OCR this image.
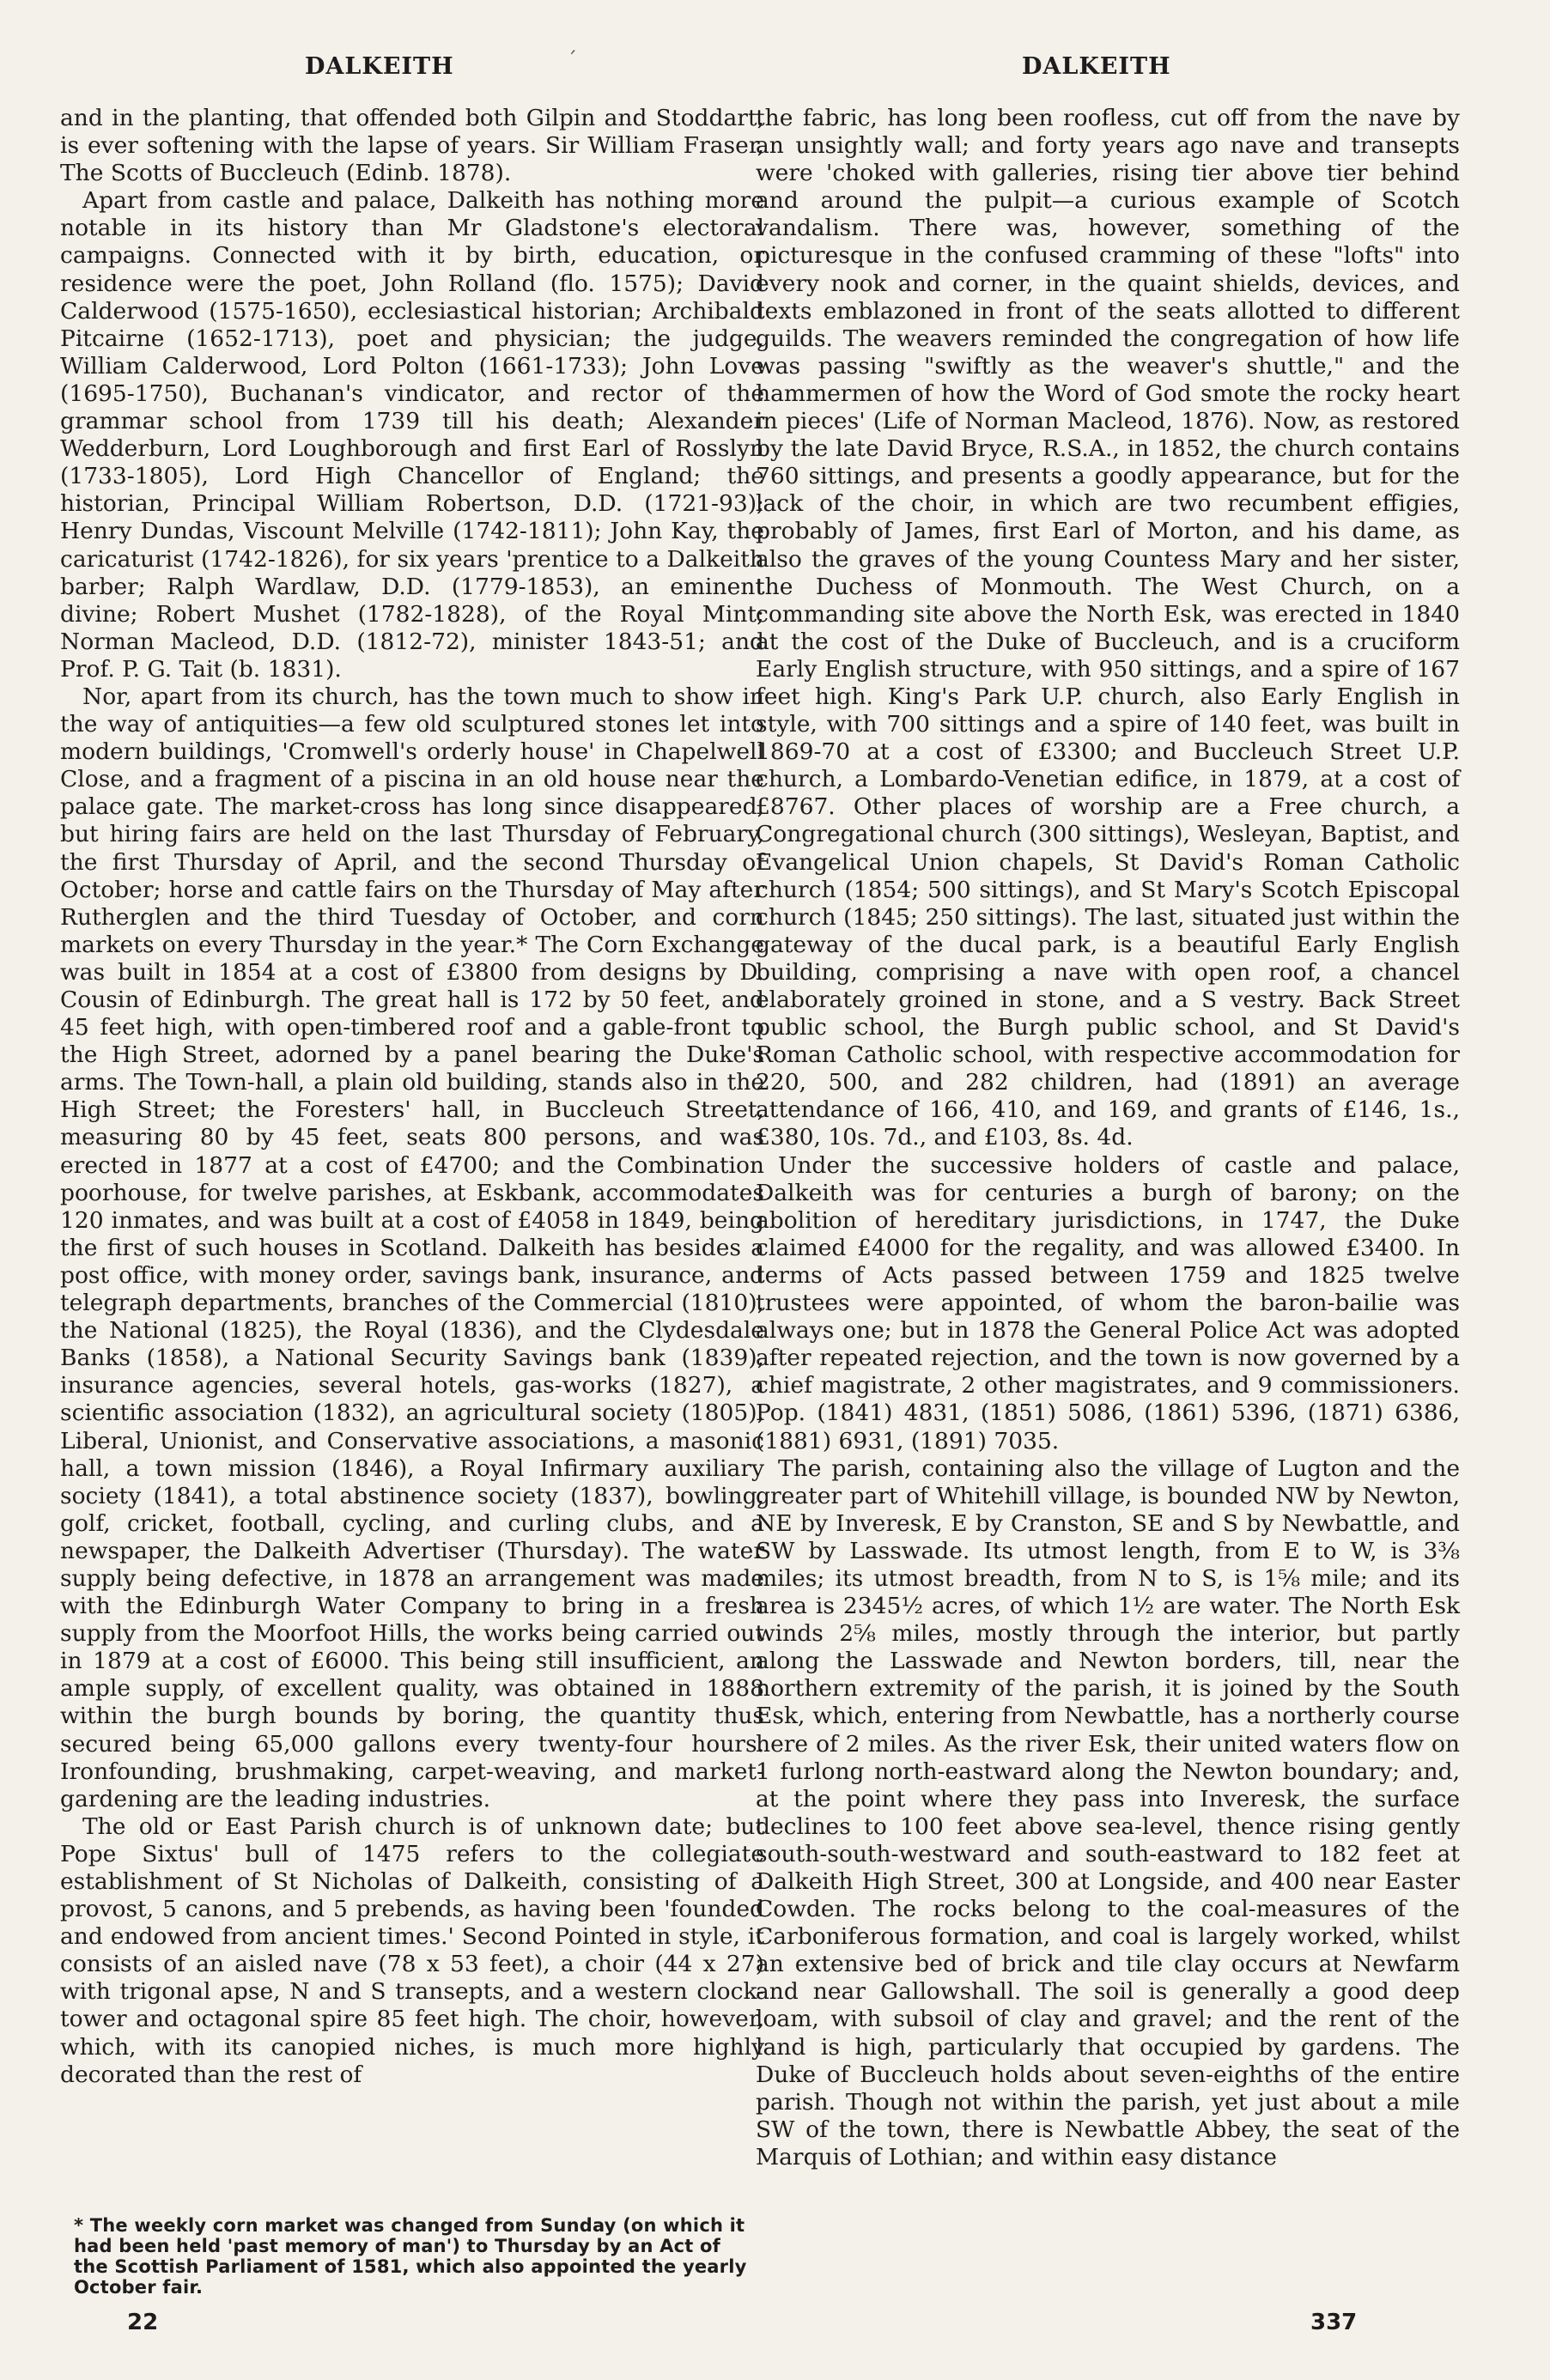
DALKEITH	DALKEITH

and in the planting, that offended both Gilpin and Stoddart, is ever softening with the lapse of years. Sir William Fraser, The Scotts of Buccleuch (Edinb. 1878).

Apart from castle and palace, Dalkeith has nothing more notable in its history than Mr Gladstone's electoral campaigns. Connected with it by birth, education, or residence were the poet, John Rolland (flo. 1575); David Calderwood (1575-1650), ecclesiastical historian; Archibald Pitcairne (1652-1713), poet and physician; the judge, William Calderwood, Lord Polton (1661-1733); John Love (1695-1750), Buchanan's vindicator, and rector of the grammar school from 1739 till his death; Alexander Wedderburn, Lord Loughborough and first Earl of Rosslyn (1733-1805), Lord High Chancellor of England; the historian, Principal William Robertson, D.D. (1721-93); Henry Dundas, Viscount Melville (1742-1811); John Kay, the caricaturist (1742-1826), for six years 'prentice to a Dalkeith barber; Ralph Wardlaw, D.D. (1779-1853), an eminent divine; Robert Mushet (1782-1828), of the Royal Mint; Norman Macleod, D.D. (1812-72), minister 1843-51; and Prof. P. G. Tait (b. 1831).

Nor, apart from its church, has the town much to show in the way of antiquities—a few old sculptured stones let into modern buildings, 'Cromwell's orderly house' in Chapelwell Close, and a fragment of a piscina in an old house near the palace gate. The market-cross has long since disappeared, but hiring fairs are held on the last Thursday of February, the first Thursday of April, and the second Thursday of October; horse and cattle fairs on the Thursday of May after Rutherglen and the third Tuesday of October, and corn markets on every Thursday in the year.* The Corn Exchange was built in 1854 at a cost of £3800 from designs by D. Cousin of Edinburgh. The great hall is 172 by 50 feet, and 45 feet high, with open-timbered roof and a gable-front to the High Street, adorned by a panel bearing the Duke's arms. The Town-hall, a plain old building, stands also in the High Street; the Foresters' hall, in Buccleuch Street, measuring 80 by 45 feet, seats 800 persons, and was erected in 1877 at a cost of £4700; and the Combination poorhouse, for twelve parishes, at Eskbank, accommodates 120 inmates, and was built at a cost of £4058 in 1849, being the first of such houses in Scotland. Dalkeith has besides a post office, with money order, savings bank, insurance, and telegraph departments, branches of the Commercial (1810), the National (1825), the Royal (1836), and the Clydesdale Banks (1858), a National Security Savings bank (1839), insurance agencies, several hotels, gas-works (1827), a scientific association (1832), an agricultural society (1805), Liberal, Unionist, and Conservative associations, a masonic hall, a town mission (1846), a Royal Infirmary auxiliary society (1841), a total abstinence society (1837), bowling, golf, cricket, football, cycling, and curling clubs, and a newspaper, the Dalkeith Advertiser (Thursday). The water supply being defective, in 1878 an arrangement was made with the Edinburgh Water Company to bring in a fresh supply from the Moorfoot Hills, the works being carried out in 1879 at a cost of £6000. This being still insufficient, an ample supply, of excellent quality, was obtained in 1888 within the burgh bounds by boring, the quantity thus secured being 65,000 gallons every twenty-four hours. Ironfounding, brushmaking, carpet-weaving, and market-gardening are the leading industries.

The old or East Parish church is of unknown date; but Pope Sixtus' bull of 1475 refers to the collegiate establishment of St Nicholas of Dalkeith, consisting of a provost, 5 canons, and 5 prebends, as having been 'founded and endowed from ancient times.' Second Pointed in style, it consists of an aisled nave (78 x 53 feet), a choir (44 x 27) with trigonal apse, N and S transepts, and a western clock-tower and octagonal spire 85 feet high. The choir, however, which, with its canopied niches, is much more highly decorated than the rest of

the fabric, has long been roofless, cut off from the nave by an unsightly wall; and forty years ago nave and transepts were 'choked with galleries, rising tier above tier behind and around the pulpit—a curious example of Scotch vandalism. There was, however, something of the picturesque in the confused cramming of these "lofts" into every nook and corner, in the quaint shields, devices, and texts emblazoned in front of the seats allotted to different guilds. The weavers reminded the congregation of how life was passing "swiftly as the weaver's shuttle," and the hammermen of how the Word of God smote the rocky heart in pieces' (Life of Norman Macleod, 1876). Now, as restored by the late David Bryce, R.S.A., in 1852, the church contains 760 sittings, and presents a goodly appearance, but for the lack of the choir, in which are two recumbent effigies, probably of James, first Earl of Morton, and his dame, as also the graves of the young Countess Mary and her sister, the Duchess of Monmouth. The West Church, on a commanding site above the North Esk, was erected in 1840 at the cost of the Duke of Buccleuch, and is a cruciform Early English structure, with 950 sittings, and a spire of 167 feet high. King's Park U.P. church, also Early English in style, with 700 sittings and a spire of 140 feet, was built in 1869-70 at a cost of £3300; and Buccleuch Street U.P. church, a Lombardo-Venetian edifice, in 1879, at a cost of £8767. Other places of worship are a Free church, a Congregational church (300 sittings), Wesleyan, Baptist, and Evangelical Union chapels, St David's Roman Catholic church (1854; 500 sittings), and St Mary's Scotch Episcopal church (1845; 250 sittings). The last, situated just within the gateway of the ducal park, is a beautiful Early English building, comprising a nave with open roof, a chancel elaborately groined in stone, and a S vestry. Back Street public school, the Burgh public school, and St David's Roman Catholic school, with respective accommodation for 220, 500, and 282 children, had (1891) an average attendance of 166, 410, and 169, and grants of £146, 1s., £380, 10s. 7d., and £103, 8s. 4d.

Under the successive holders of castle and palace, Dalkeith was for centuries a burgh of barony; on the abolition of hereditary jurisdictions, in 1747, the Duke claimed £4000 for the regality, and was allowed £3400. In terms of Acts passed between 1759 and 1825 twelve trustees were appointed, of whom the baron-bailie was always one; but in 1878 the General Police Act was adopted after repeated rejection, and the town is now governed by a chief magistrate, 2 other magistrates, and 9 commissioners. Pop. (1841) 4831, (1851) 5086, (1861) 5396, (1871) 6386, (1881) 6931, (1891) 7035.

The parish, containing also the village of Lugton and the greater part of Whitehill village, is bounded NW by Newton, NE by Inveresk, E by Cranston, SE and S by Newbattle, and SW by Lasswade. Its utmost length, from E to W, is 3⅜ miles; its utmost breadth, from N to S, is 1⅝ mile; and its area is 2345½ acres, of which 1½ are water. The North Esk winds 2⅝ miles, mostly through the interior, but partly along the Lasswade and Newton borders, till, near the northern extremity of the parish, it is joined by the South Esk, which, entering from Newbattle, has a northerly course here of 2 miles. As the river Esk, their united waters flow on 1 furlong north-eastward along the Newton boundary; and, at the point where they pass into Inveresk, the surface declines to 100 feet above sea-level, thence rising gently south-south-westward and south-eastward to 182 feet at Dalkeith High Street, 300 at Longside, and 400 near Easter Cowden. The rocks belong to the coal-measures of the Carboniferous formation, and coal is largely worked, whilst an extensive bed of brick and tile clay occurs at Newfarm and near Gallowshall. The soil is generally a good deep loam, with subsoil of clay and gravel; and the rent of the land is high, particularly that occupied by gardens. The Duke of Buccleuch holds about seven-eighths of the entire parish. Though not within the parish, yet just about a mile SW of the town, there is Newbattle Abbey, the seat of the Marquis of Lothian; and within easy distance

* The weekly corn market was changed from Sunday (on which it had been held 'past memory of man') to Thursday by an Act of the Scottish Parliament of 1581, which also appointed the yearly October fair.
22	337
